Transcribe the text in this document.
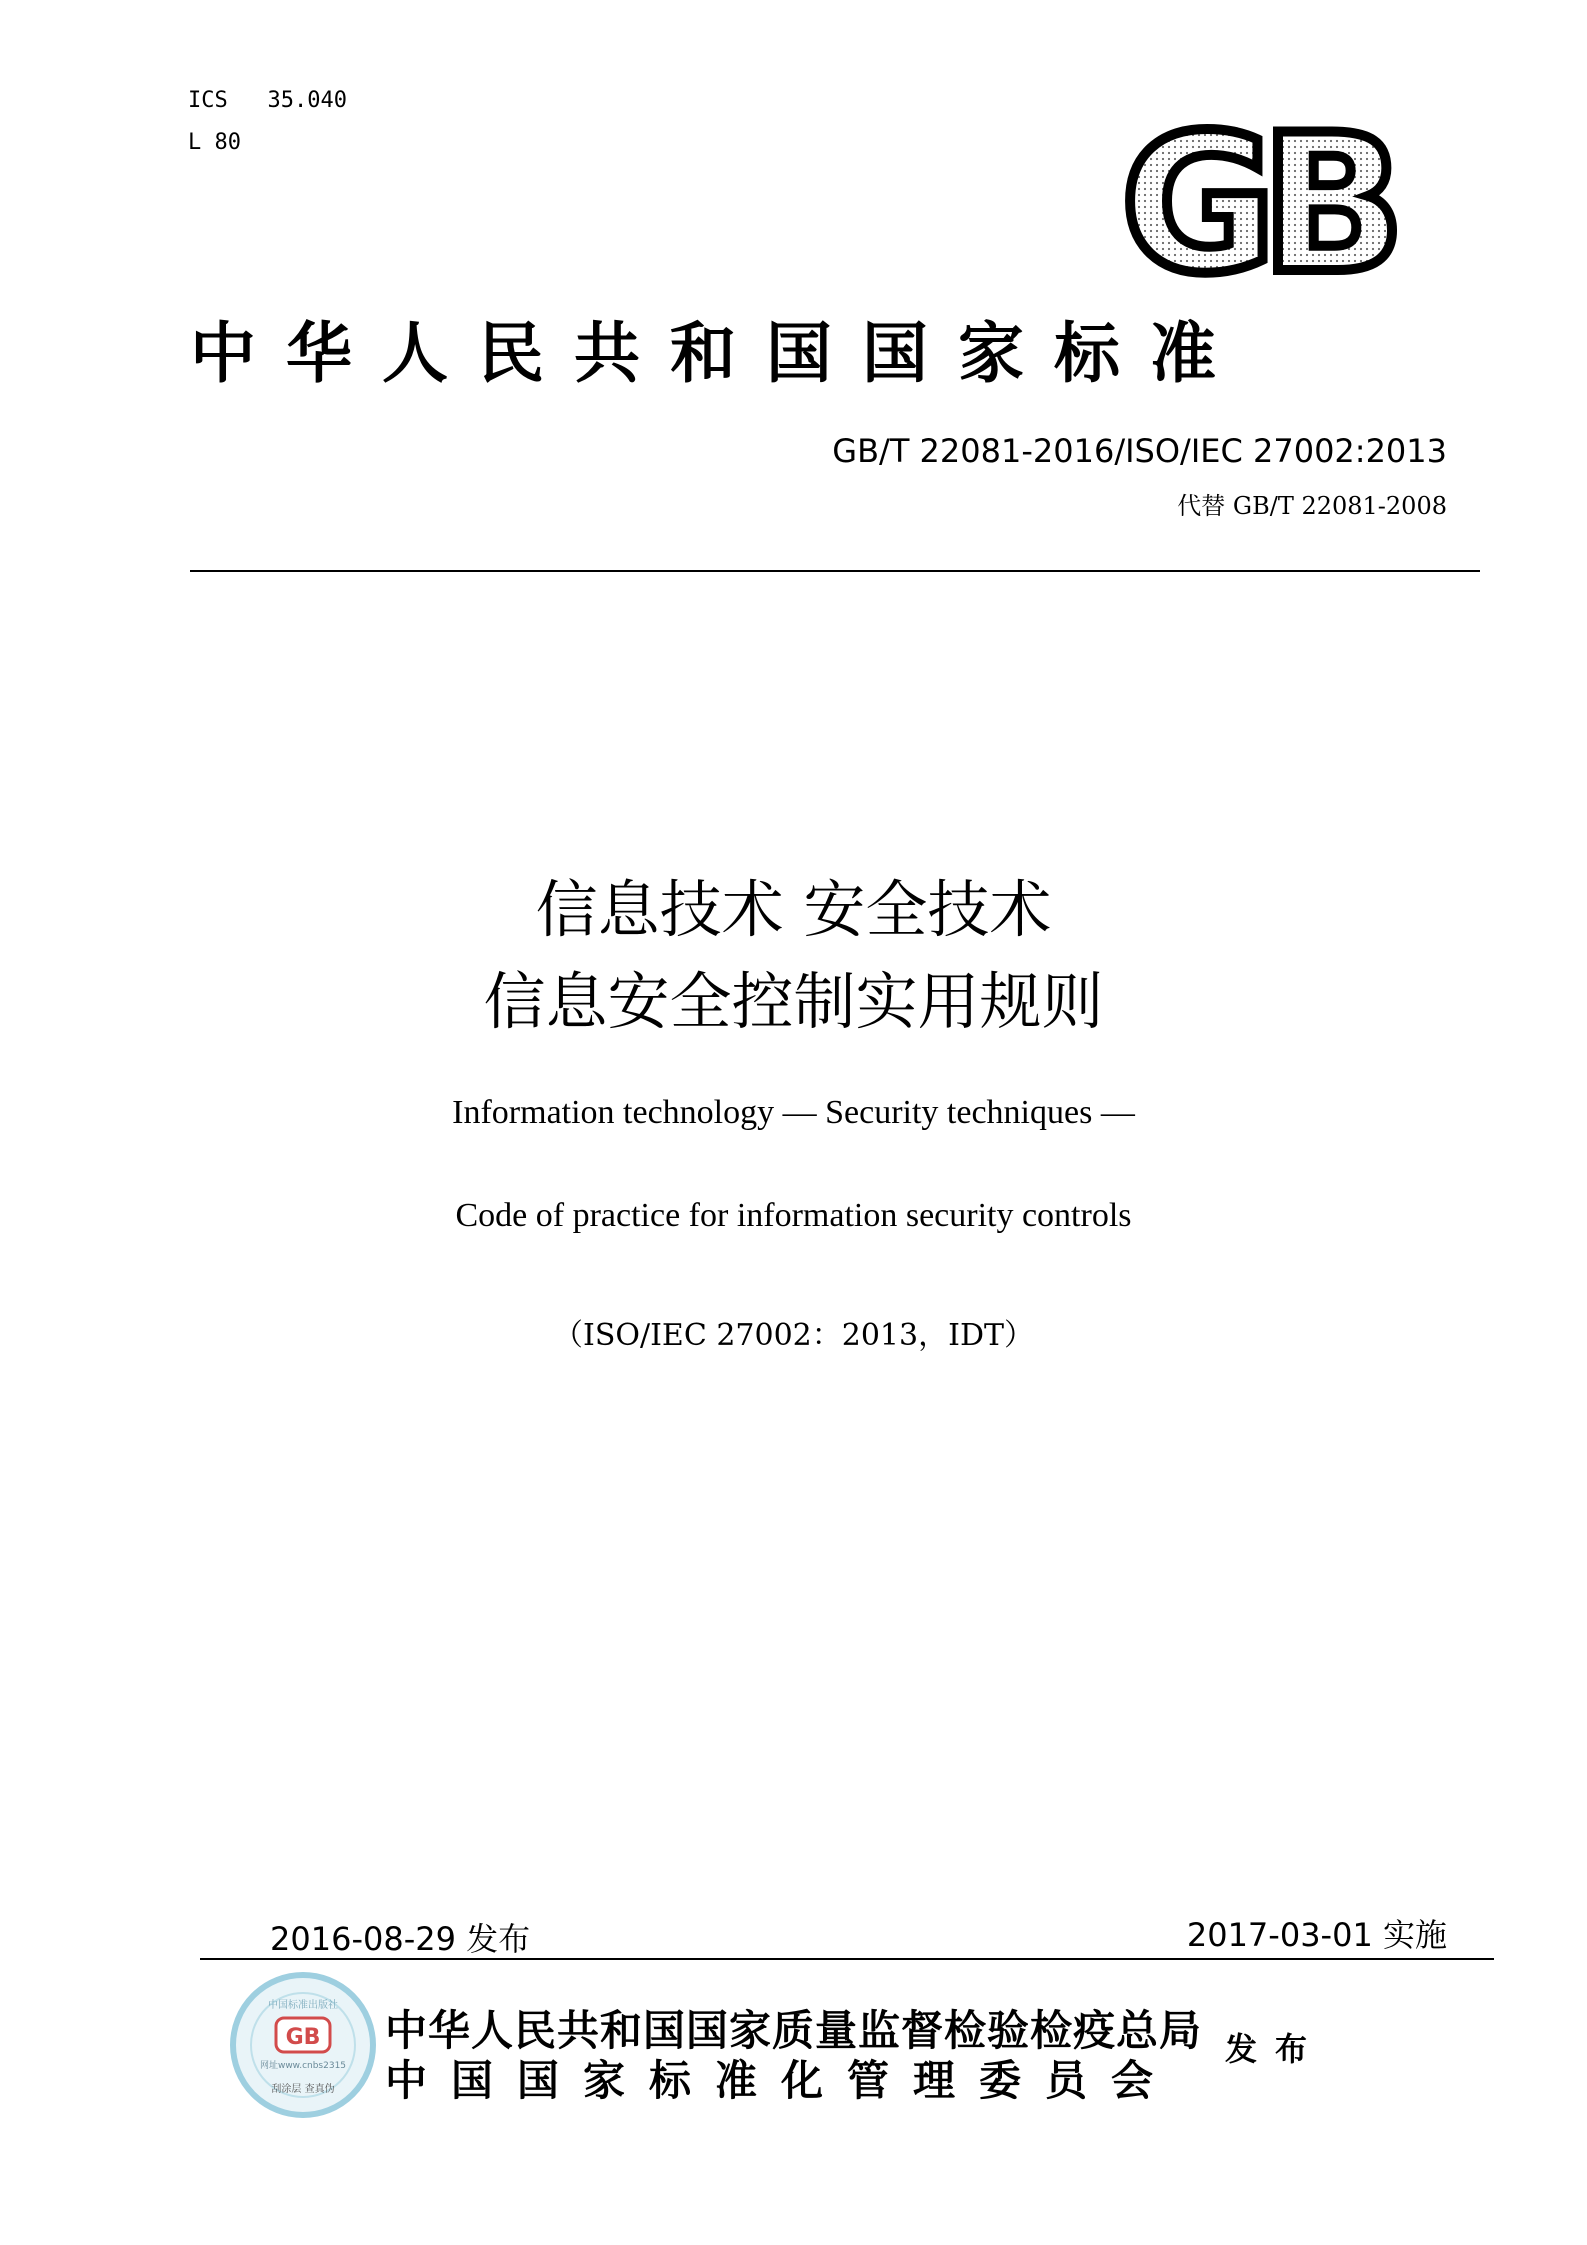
ICS 35.040
L 80	GB
中华人民共和国国家标准
GB/T 22081-2016/ISO/IEC 27002:2013
代替 GB/T 22081-2008
信息技术 安全技术
信息安全控制实用规则
Information technology — Security techniques —
Code of practice for information security controls
（ISO/IEC 27002：2013，IDT）
2016-08-29 发布	2017-03-01 实施
中国标准出版社
GB
网址www.cnbs2315
刮涂层 查真伪
中华人民共和国国家质量监督检验检疫总局
中国国家标准化管理委员会
发布
